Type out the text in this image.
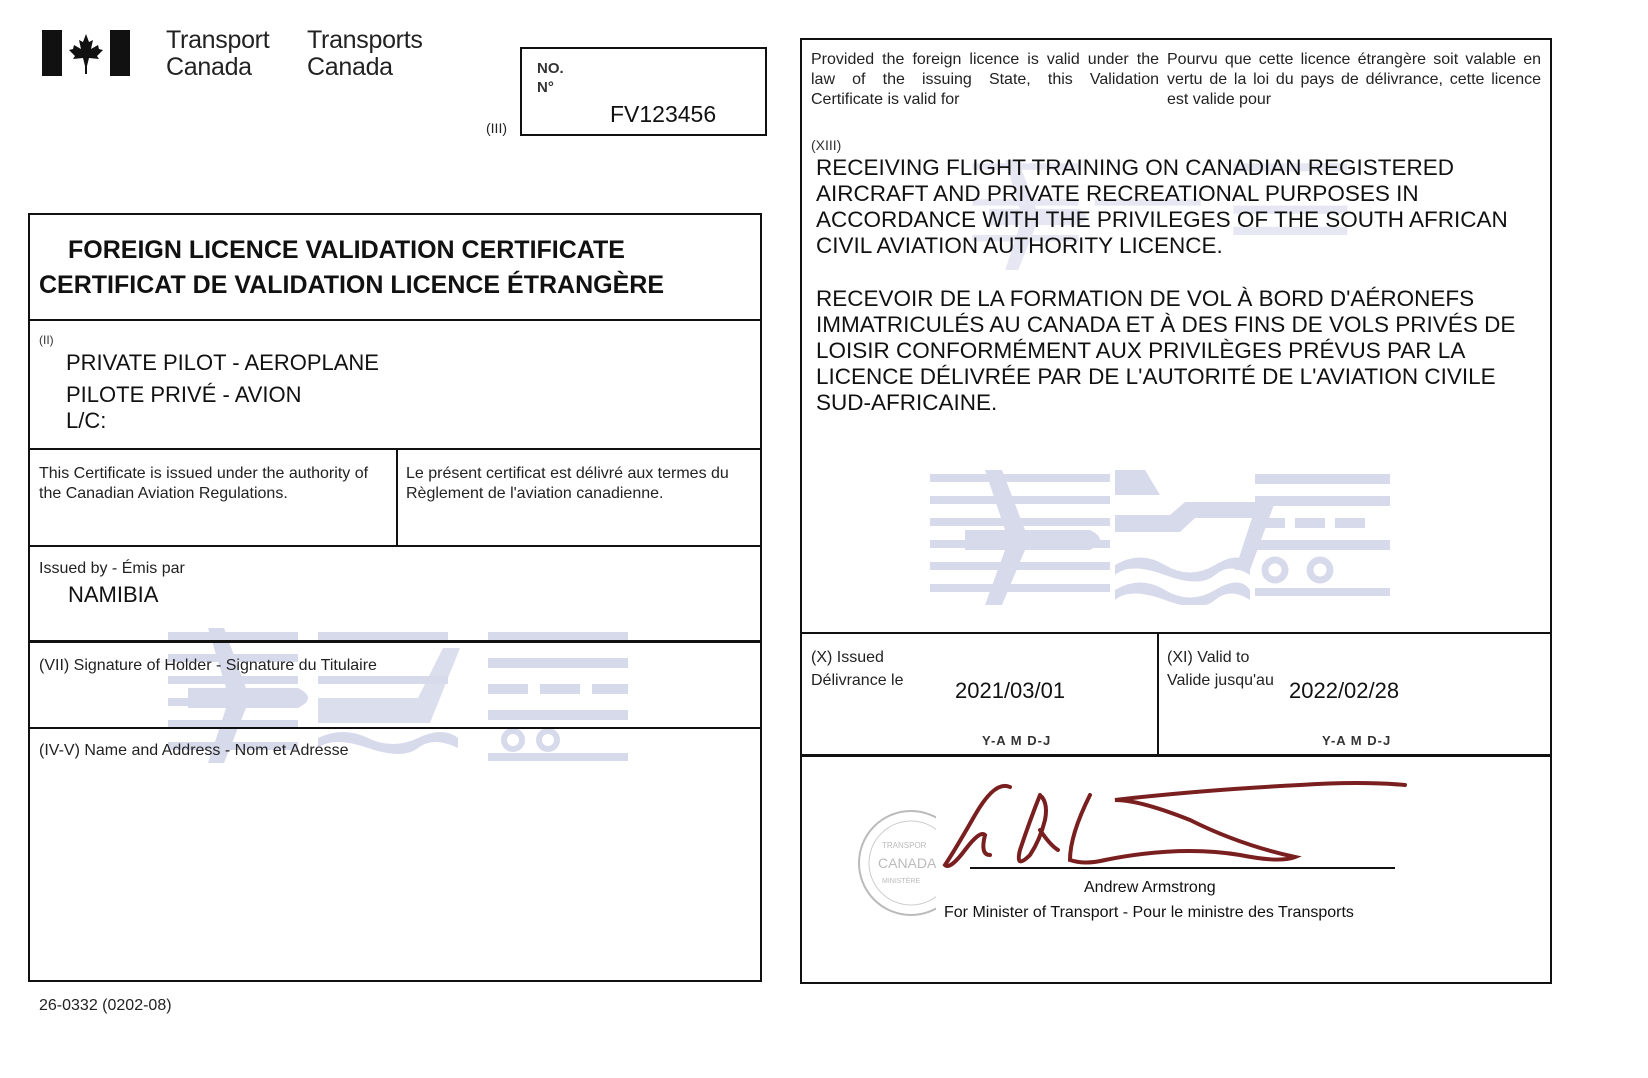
Transport
Canada
Transports
Canada
(III)
NO.
N°
FV123456
FOREIGN LICENCE VALIDATION CERTIFICATE
CERTIFICAT DE VALIDATION LICENCE ÉTRANGÈRE
(II)
PRIVATE PILOT - AEROPLANE
PILOTE PRIVÉ - AVION
L/C:
This Certificate is issued under the authority of the Canadian Aviation Regulations.
Le présent certificat est délivré aux termes du Règlement de l'aviation canadienne.
Issued by - Émis par
NAMIBIA
(VII) Signature of Holder - Signature du Titulaire
(IV-V) Name and Address - Nom et Adresse
26-0332 (0202-08)
Provided the foreign licence is valid under the law of the issuing State, this Validation Certificate is valid for
Pourvu que cette licence étrangère soit valable en vertu de la loi du pays de délivrance, cette licence est valide pour
(XIII)
RECEIVING FLIGHT TRAINING ON CANADIAN REGISTERED AIRCRAFT AND PRIVATE RECREATIONAL PURPOSES IN ACCORDANCE WITH THE PRIVILEGES OF THE SOUTH AFRICAN CIVIL AVIATION AUTHORITY LICENCE.
RECEVOIR DE LA FORMATION DE VOL À BORD D'AÉRONEFS IMMATRICULÉS AU CANADA ET À DES FINS DE VOLS PRIVÉS DE LOISIR CONFORMÉMENT AUX PRIVILÈGES PRÉVUS PAR LA LICENCE DÉLIVRÉE PAR DE L'AUTORITÉ DE L'AVIATION CIVILE SUD-AFRICAINE.
(X) Issued
Délivrance le 2021/03/01
Y-A M D-J
(XI) Valid to
Valide jusqu'au 2022/02/28
Y-A M D-J
CANADA
TRANSPOR
MINISTÈRE	Andrew Armstrong
For Minister of Transport - Pour le ministre des Transports
